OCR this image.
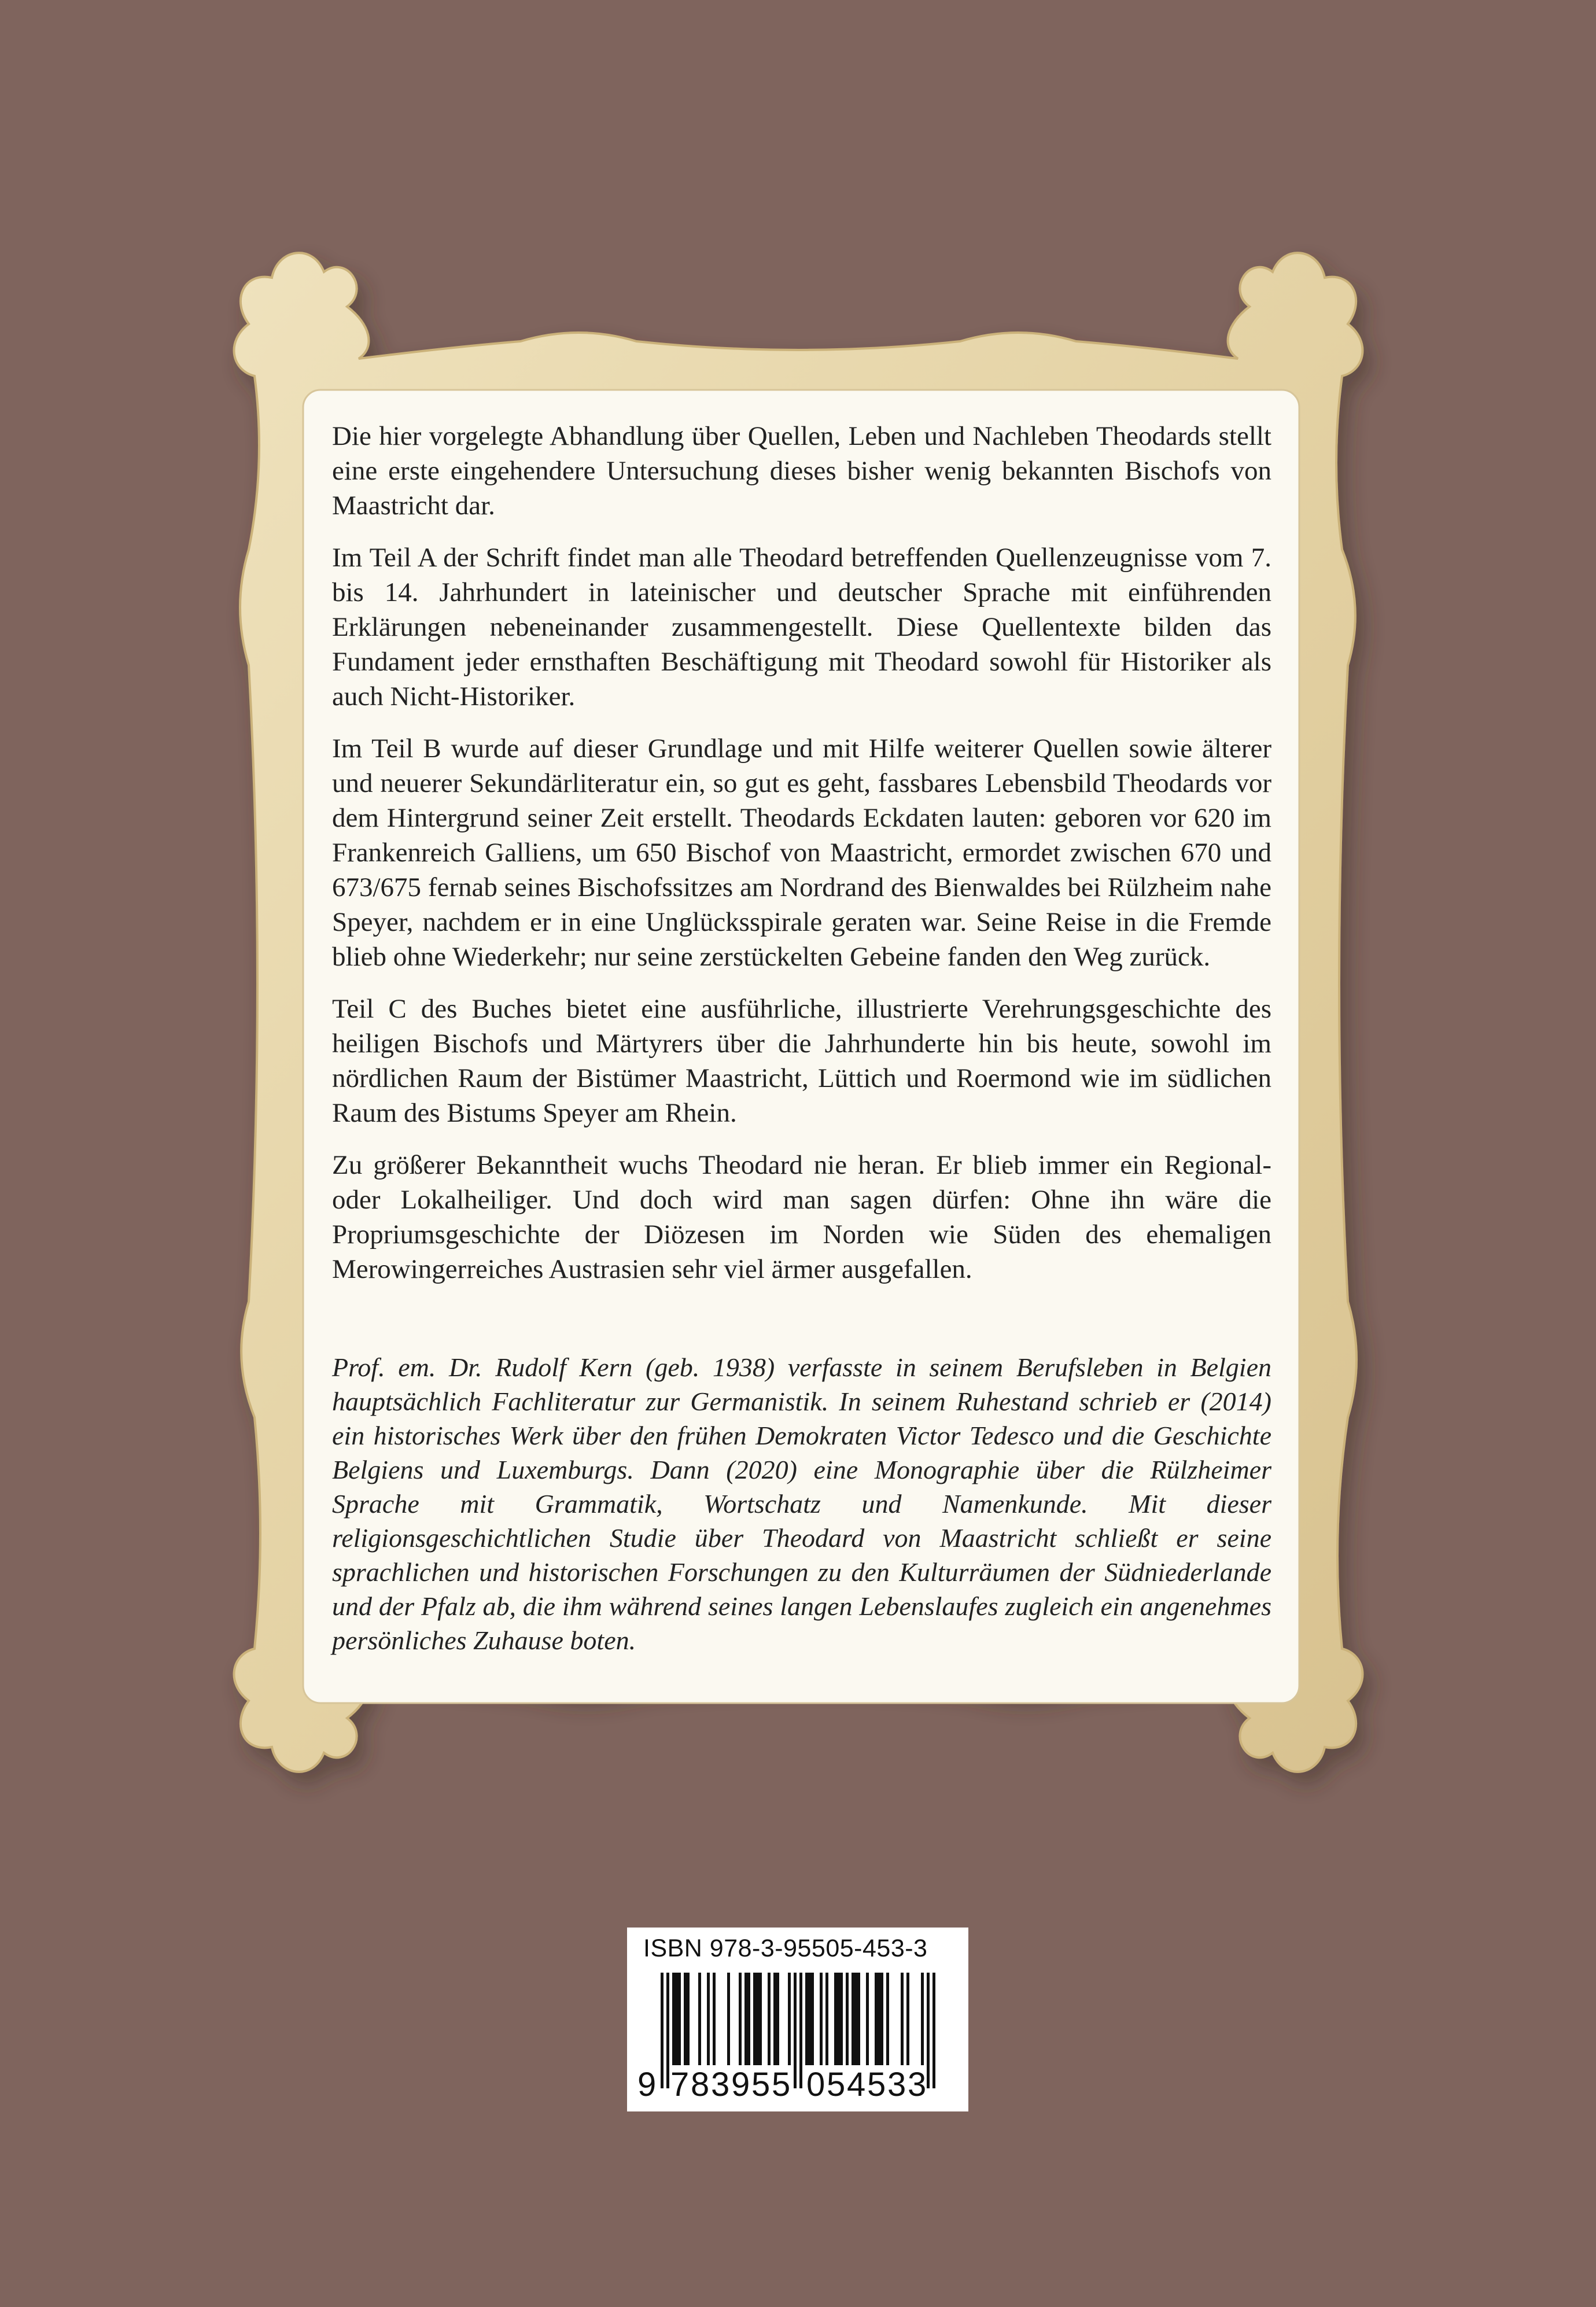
Die hier vorgelegte Abhandlung über Quellen, Leben und Nachleben Theodards stellt eine erste eingehendere Untersuchung dieses bisher wenig bekannten Bischofs von Maastricht dar.

Im Teil A der Schrift findet man alle Theodard betreffenden Quellenzeugnisse vom 7. bis 14. Jahrhundert in lateinischer und deutscher Sprache mit einführenden Erklärungen nebeneinander zusammengestellt. Diese Quellentexte bilden das Fundament jeder ernsthaften Beschäftigung mit Theodard sowohl für Historiker als auch Nicht-Historiker.

Im Teil B wurde auf dieser Grundlage und mit Hilfe weiterer Quellen sowie älterer und neuerer Sekundärliteratur ein, so gut es geht, fassbares Lebensbild Theodards vor dem Hintergrund seiner Zeit erstellt. Theodards Eckdaten lauten: geboren vor 620 im Frankenreich Galliens, um 650 Bischof von Maastricht, ermordet zwischen 670 und 673/675 fernab seines Bischofssitzes am Nordrand des Bienwaldes bei Rülzheim nahe Speyer, nachdem er in eine Unglücksspirale geraten war. Seine Reise in die Fremde blieb ohne Wiederkehr; nur seine zerstückelten Gebeine fanden den Weg zurück.

Teil C des Buches bietet eine ausführliche, illustrierte Verehrungsgeschichte des heiligen Bischofs und Märtyrers über die Jahrhunderte hin bis heute, sowohl im nördlichen Raum der Bistümer Maastricht, Lüttich und Roermond wie im südlichen Raum des Bistums Speyer am Rhein.

Zu größerer Bekanntheit wuchs Theodard nie heran. Er blieb immer ein Regional- oder Lokalheiliger. Und doch wird man sagen dürfen: Ohne ihn wäre die Propriumsgeschichte der Diözesen im Norden wie Süden des ehemaligen Merowingerreiches Austrasien sehr viel ärmer ausgefallen.

Prof. em. Dr. Rudolf Kern (geb. 1938) verfasste in seinem Berufsleben in Belgien hauptsächlich Fachliteratur zur Germanistik. In seinem Ruhestand schrieb er (2014) ein historisches Werk über den frühen Demokraten Victor Tedesco und die Geschichte Belgiens und Luxemburgs. Dann (2020) eine Monographie über die Rülzheimer Sprache mit Grammatik, Wortschatz und Namenkunde. Mit dieser religionsgeschichtlichen Studie über Theodard von Maastricht schließt er seine sprachlichen und historischen Forschungen zu den Kulturräumen der Südniederlande und der Pfalz ab, die ihm während seines langen Lebenslaufes zugleich ein angenehmes persönliches Zuhause boten.

ISBN 978-3-95505-453-3
9 7 8 3 9 5 5 0 5 4 5 3 3
